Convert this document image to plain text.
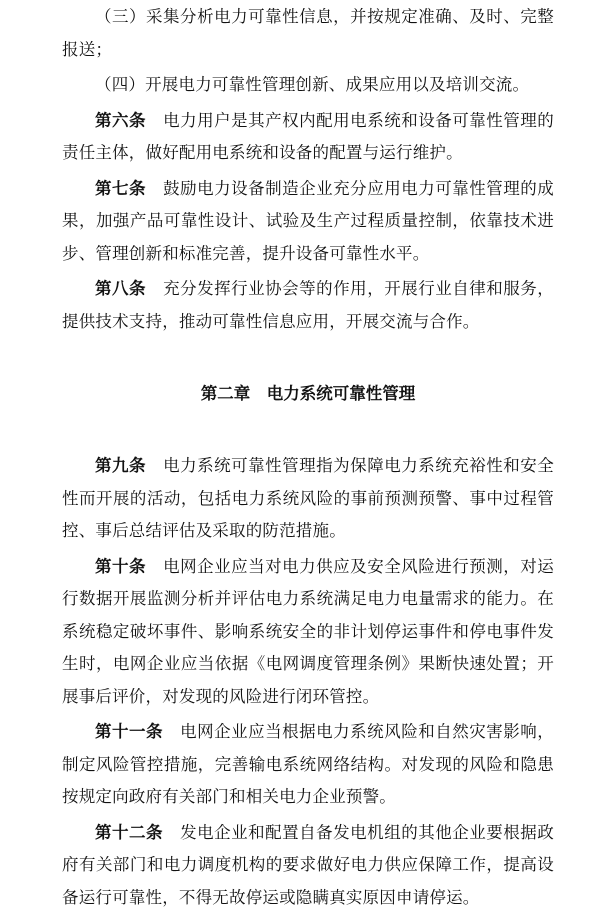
（三）采集分析电力可靠性信息，并按规定准确、及时、完整报送；

（四）开展电力可靠性管理创新、成果应用以及培训交流。

第六条　 电力用户是其产权内配用电系统和设备可靠性管理的责任主体，做好配用电系统和设备的配置与运行维护。

第七条　 鼓励电力设备制造企业充分应用电力可靠性管理的成果，加强产品可靠性设计、试验及生产过程质量控制，依靠技术进步、管理创新和标准完善，提升设备可靠性水平。

第八条　 充分发挥行业协会等的作用，开展行业自律和服务，提供技术支持，推动可靠性信息应用，开展交流与合作。

第二章　电力系统可靠性管理

第九条　 电力系统可靠性管理指为保障电力系统充裕性和安全性而开展的活动，包括电力系统风险的事前预测预警、事中过程管控、事后总结评估及采取的防范措施。

第十条　 电网企业应当对电力供应及安全风险进行预测，对运行数据开展监测分析并评估电力系统满足电力电量需求的能力。在系统稳定破坏事件、影响系统安全的非计划停运事件和停电事件发生时，电网企业应当依据《电网调度管理条例》果断快速处置；开展事后评价，对发现的风险进行闭环管控。

第十一条　 电网企业应当根据电力系统风险和自然灾害影响，制定风险管控措施，完善输电系统网络结构。对发现的风险和隐患按规定向政府有关部门和相关电力企业预警。

第十二条　 发电企业和配置自备发电机组的其他企业要根据政府有关部门和电力调度机构的要求做好电力供应保障工作，提高设备运行可靠性，不得无故停运或隐瞒真实原因申请停运。
